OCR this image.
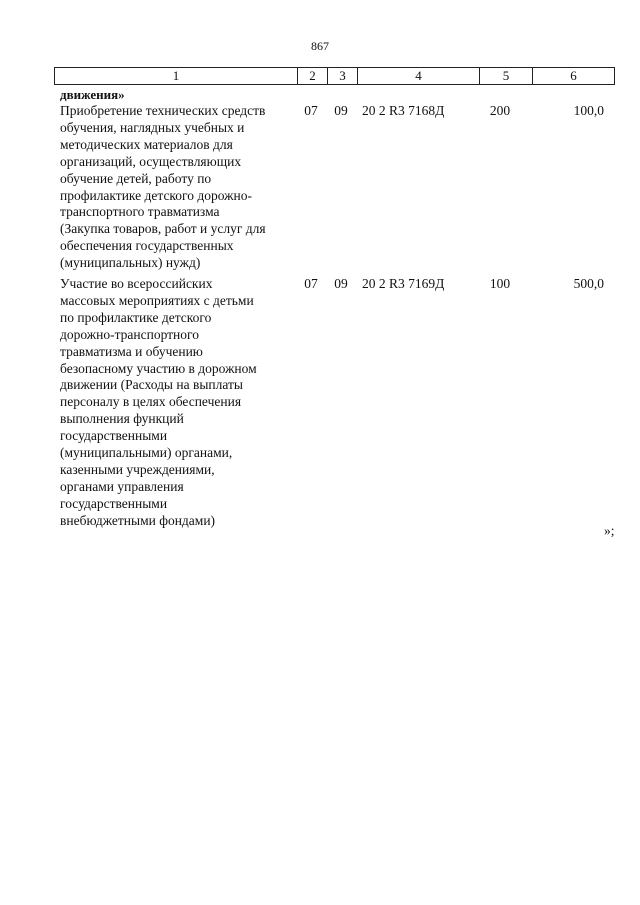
867
1	2	3	4	5	6
движения»
Приобретение технических средств
обучения, наглядных учебных и
методических материалов для
организаций, осуществляющих
обучение детей, работу по
профилактике детского дорожно-
транспортного травматизма
(Закупка товаров, работ и услуг для
обеспечения государственных
(муниципальных) нужд)
07	09	20 2 R3 7168Д	200	100,0
Участие во всероссийских
массовых мероприятиях с детьми
по профилактике детского
дорожно-транспортного
травматизма и обучению
безопасному участию в дорожном
движении (Расходы на выплаты
персоналу в целях обеспечения
выполнения функций
государственными
(муниципальными) органами,
казенными учреждениями,
органами управления
государственными
внебюджетными фондами)
07	09	20 2 R3 7169Д	100	500,0
»;
